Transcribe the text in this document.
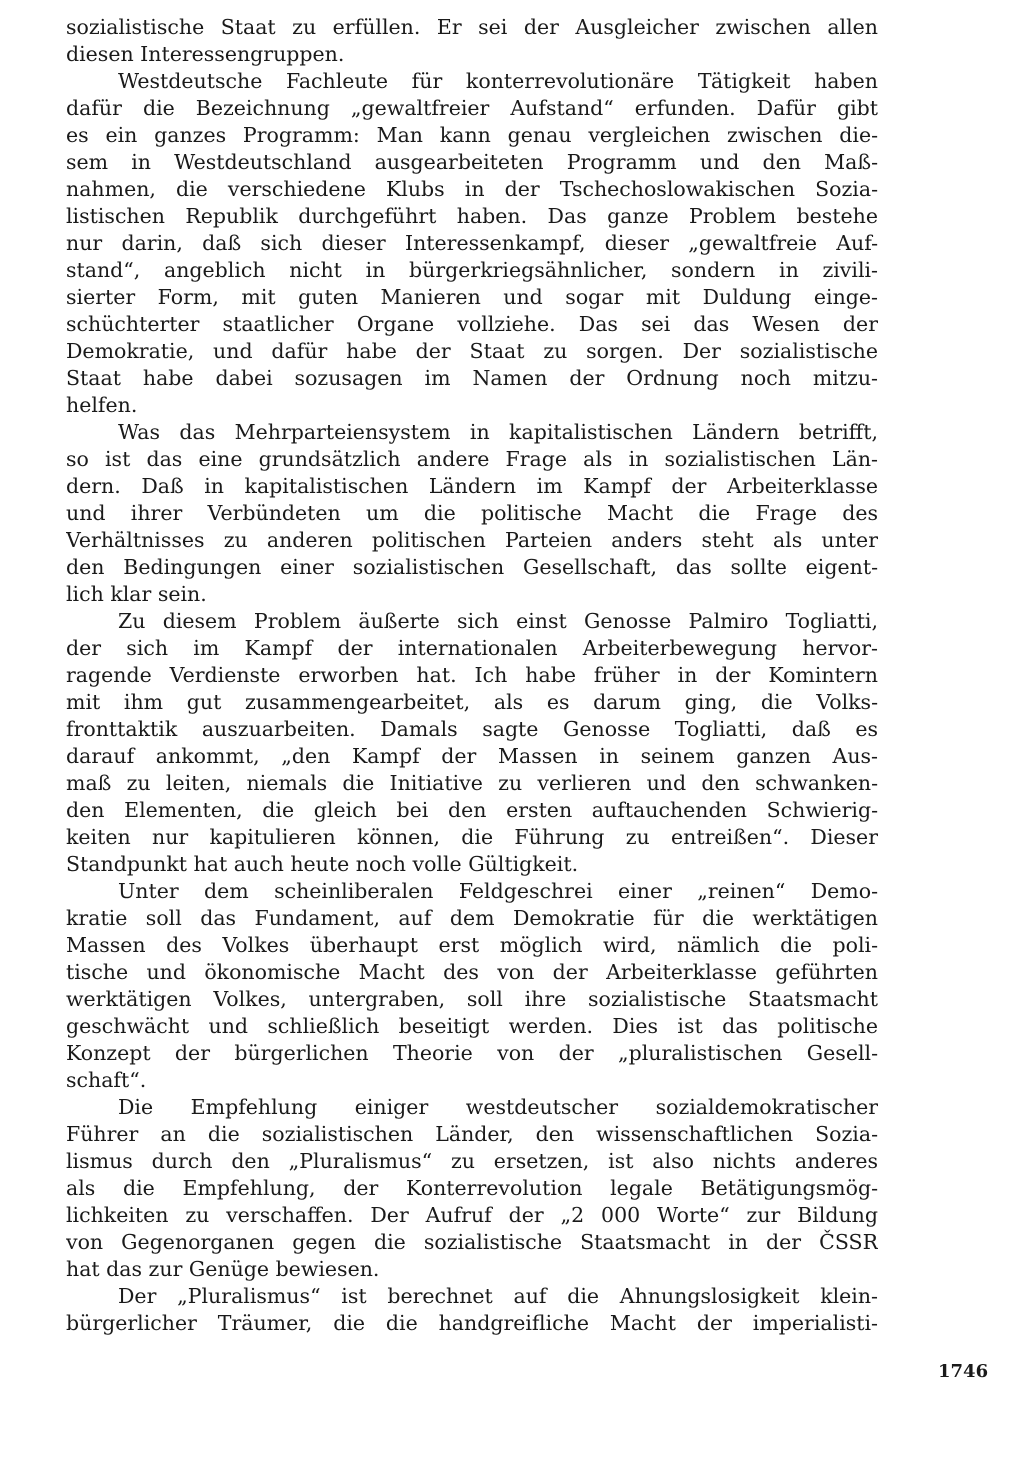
sozialistische Staat zu erfüllen. Er sei der Ausgleicher zwischen allen
diesen Interessengruppen.
Westdeutsche Fachleute für konterrevolutionäre Tätigkeit haben
dafür die Bezeichnung „gewaltfreier Aufstand“ erfunden. Dafür gibt
es ein ganzes Programm: Man kann genau vergleichen zwischen die-
sem in Westdeutschland ausgearbeiteten Programm und den Maß-
nahmen, die verschiedene Klubs in der Tschechoslowakischen Sozia-
listischen Republik durchgeführt haben. Das ganze Problem bestehe
nur darin, daß sich dieser Interessenkampf, dieser „gewaltfreie Auf-
stand“, angeblich nicht in bürgerkriegsähnlicher, sondern in zivili-
sierter Form, mit guten Manieren und sogar mit Duldung einge-
schüchterter staatlicher Organe vollziehe. Das sei das Wesen der
Demokratie, und dafür habe der Staat zu sorgen. Der sozialistische
Staat habe dabei sozusagen im Namen der Ordnung noch mitzu-
helfen.
Was das Mehrparteiensystem in kapitalistischen Ländern betrifft,
so ist das eine grundsätzlich andere Frage als in sozialistischen Län-
dern. Daß in kapitalistischen Ländern im Kampf der Arbeiterklasse
und ihrer Verbündeten um die politische Macht die Frage des
Verhältnisses zu anderen politischen Parteien anders steht als unter
den Bedingungen einer sozialistischen Gesellschaft, das sollte eigent-
lich klar sein.
Zu diesem Problem äußerte sich einst Genosse Palmiro Togliatti,
der sich im Kampf der internationalen Arbeiterbewegung hervor-
ragende Verdienste erworben hat. Ich habe früher in der Komintern
mit ihm gut zusammengearbeitet, als es darum ging, die Volks-
fronttaktik auszuarbeiten. Damals sagte Genosse Togliatti, daß es
darauf ankommt, „den Kampf der Massen in seinem ganzen Aus-
maß zu leiten, niemals die Initiative zu verlieren und den schwanken-
den Elementen, die gleich bei den ersten auftauchenden Schwierig-
keiten nur kapitulieren können, die Führung zu entreißen“. Dieser
Standpunkt hat auch heute noch volle Gültigkeit.
Unter dem scheinliberalen Feldgeschrei einer „reinen“ Demo-
kratie soll das Fundament, auf dem Demokratie für die werktätigen
Massen des Volkes überhaupt erst möglich wird, nämlich die poli-
tische und ökonomische Macht des von der Arbeiterklasse geführten
werktätigen Volkes, untergraben, soll ihre sozialistische Staatsmacht
geschwächt und schließlich beseitigt werden. Dies ist das politische
Konzept der bürgerlichen Theorie von der „pluralistischen Gesell-
schaft“.
Die Empfehlung einiger westdeutscher sozialdemokratischer
Führer an die sozialistischen Länder, den wissenschaftlichen Sozia-
lismus durch den „Pluralismus“ zu ersetzen, ist also nichts anderes
als die Empfehlung, der Konterrevolution legale Betätigungsmög-
lichkeiten zu verschaffen. Der Aufruf der „2 000 Worte“ zur Bildung
von Gegenorganen gegen die sozialistische Staatsmacht in der ČSSR
hat das zur Genüge bewiesen.
Der „Pluralismus“ ist berechnet auf die Ahnungslosigkeit klein-
bürgerlicher Träumer, die die handgreifliche Macht der imperialisti-
1746
